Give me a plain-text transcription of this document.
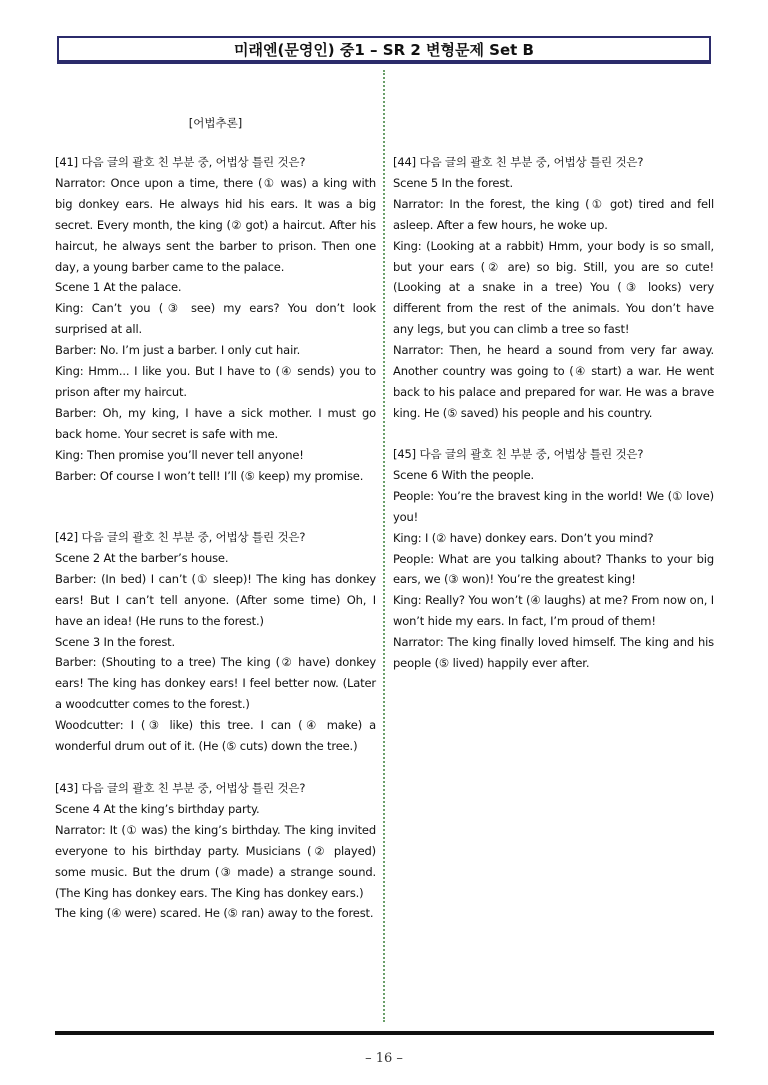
미래엔(문영인) 중1 – SR 2 변형문제 Set B
[어법추론]

[41] 다음 글의 괄호 친 부분 중, 어법상 틀린 것은?

Narrator: Once upon a time, there (① was) a king with big donkey ears. He always hid his ears. It was a big secret. Every month, the king (② got) a haircut. After his haircut, he always sent the barber to prison. Then one day, a young barber came to the palace.

Scene 1 At the palace.

King: Can’t you (③ see) my ears? You don’t look surprised at all.

Barber: No. I’m just a barber. I only cut hair.

King: Hmm... I like you. But I have to (④ sends) you to prison after my haircut.

Barber: Oh, my king, I have a sick mother. I must go back home. Your secret is safe with me.

King: Then promise you’ll never tell anyone!

Barber: Of course I won’t tell! I’ll (⑤ keep) my promise.

[42] 다음 글의 괄호 친 부분 중, 어법상 틀린 것은?

Scene 2 At the barber’s house.

Barber: (In bed) I can’t (① sleep)! The king has donkey ears! But I can’t tell anyone. (After some time) Oh, I have an idea! (He runs to the forest.)

Scene 3 In the forest.

Barber: (Shouting to a tree) The king (② have) donkey ears! The king has donkey ears! I feel better now. (Later a woodcutter comes to the forest.)

Woodcutter: I (③ like) this tree. I can (④ make) a wonderful drum out of it. (He (⑤ cuts) down the tree.)

[43] 다음 글의 괄호 친 부분 중, 어법상 틀린 것은?

Scene 4 At the king’s birthday party.

Narrator: It (① was) the king’s birthday. The king invited everyone to his birthday party. Musicians (② played) some music. But the drum (③ made) a strange sound. (The King has donkey ears. The King has donkey ears.)

The king (④ were) scared. He (⑤ ran) away to the forest.

[44] 다음 글의 괄호 친 부분 중, 어법상 틀린 것은?

Scene 5 In the forest.

Narrator: In the forest, the king (① got) tired and fell asleep. After a few hours, he woke up.

King: (Looking at a rabbit) Hmm, your body is so small, but your ears (② are) so big. Still, you are so cute! (Looking at a snake in a tree) You (③ looks) very different from the rest of the animals. You don’t have any legs, but you can climb a tree so fast!

Narrator: Then, he heard a sound from very far away. Another country was going to (④ start) a war. He went back to his palace and prepared for war. He was a brave king. He (⑤ saved) his people and his country.

[45] 다음 글의 괄호 친 부분 중, 어법상 틀린 것은?

Scene 6 With the people.

People: You’re the bravest king in the world! We (① love) you!

King: I (② have) donkey ears. Don’t you mind?

People: What are you talking about? Thanks to your big ears, we (③ won)! You’re the greatest king!

King: Really? You won’t (④ laughs) at me? From now on, I won’t hide my ears. In fact, I’m proud of them!

Narrator: The king finally loved himself. The king and his people (⑤ lived) happily ever after.

– 16 –
